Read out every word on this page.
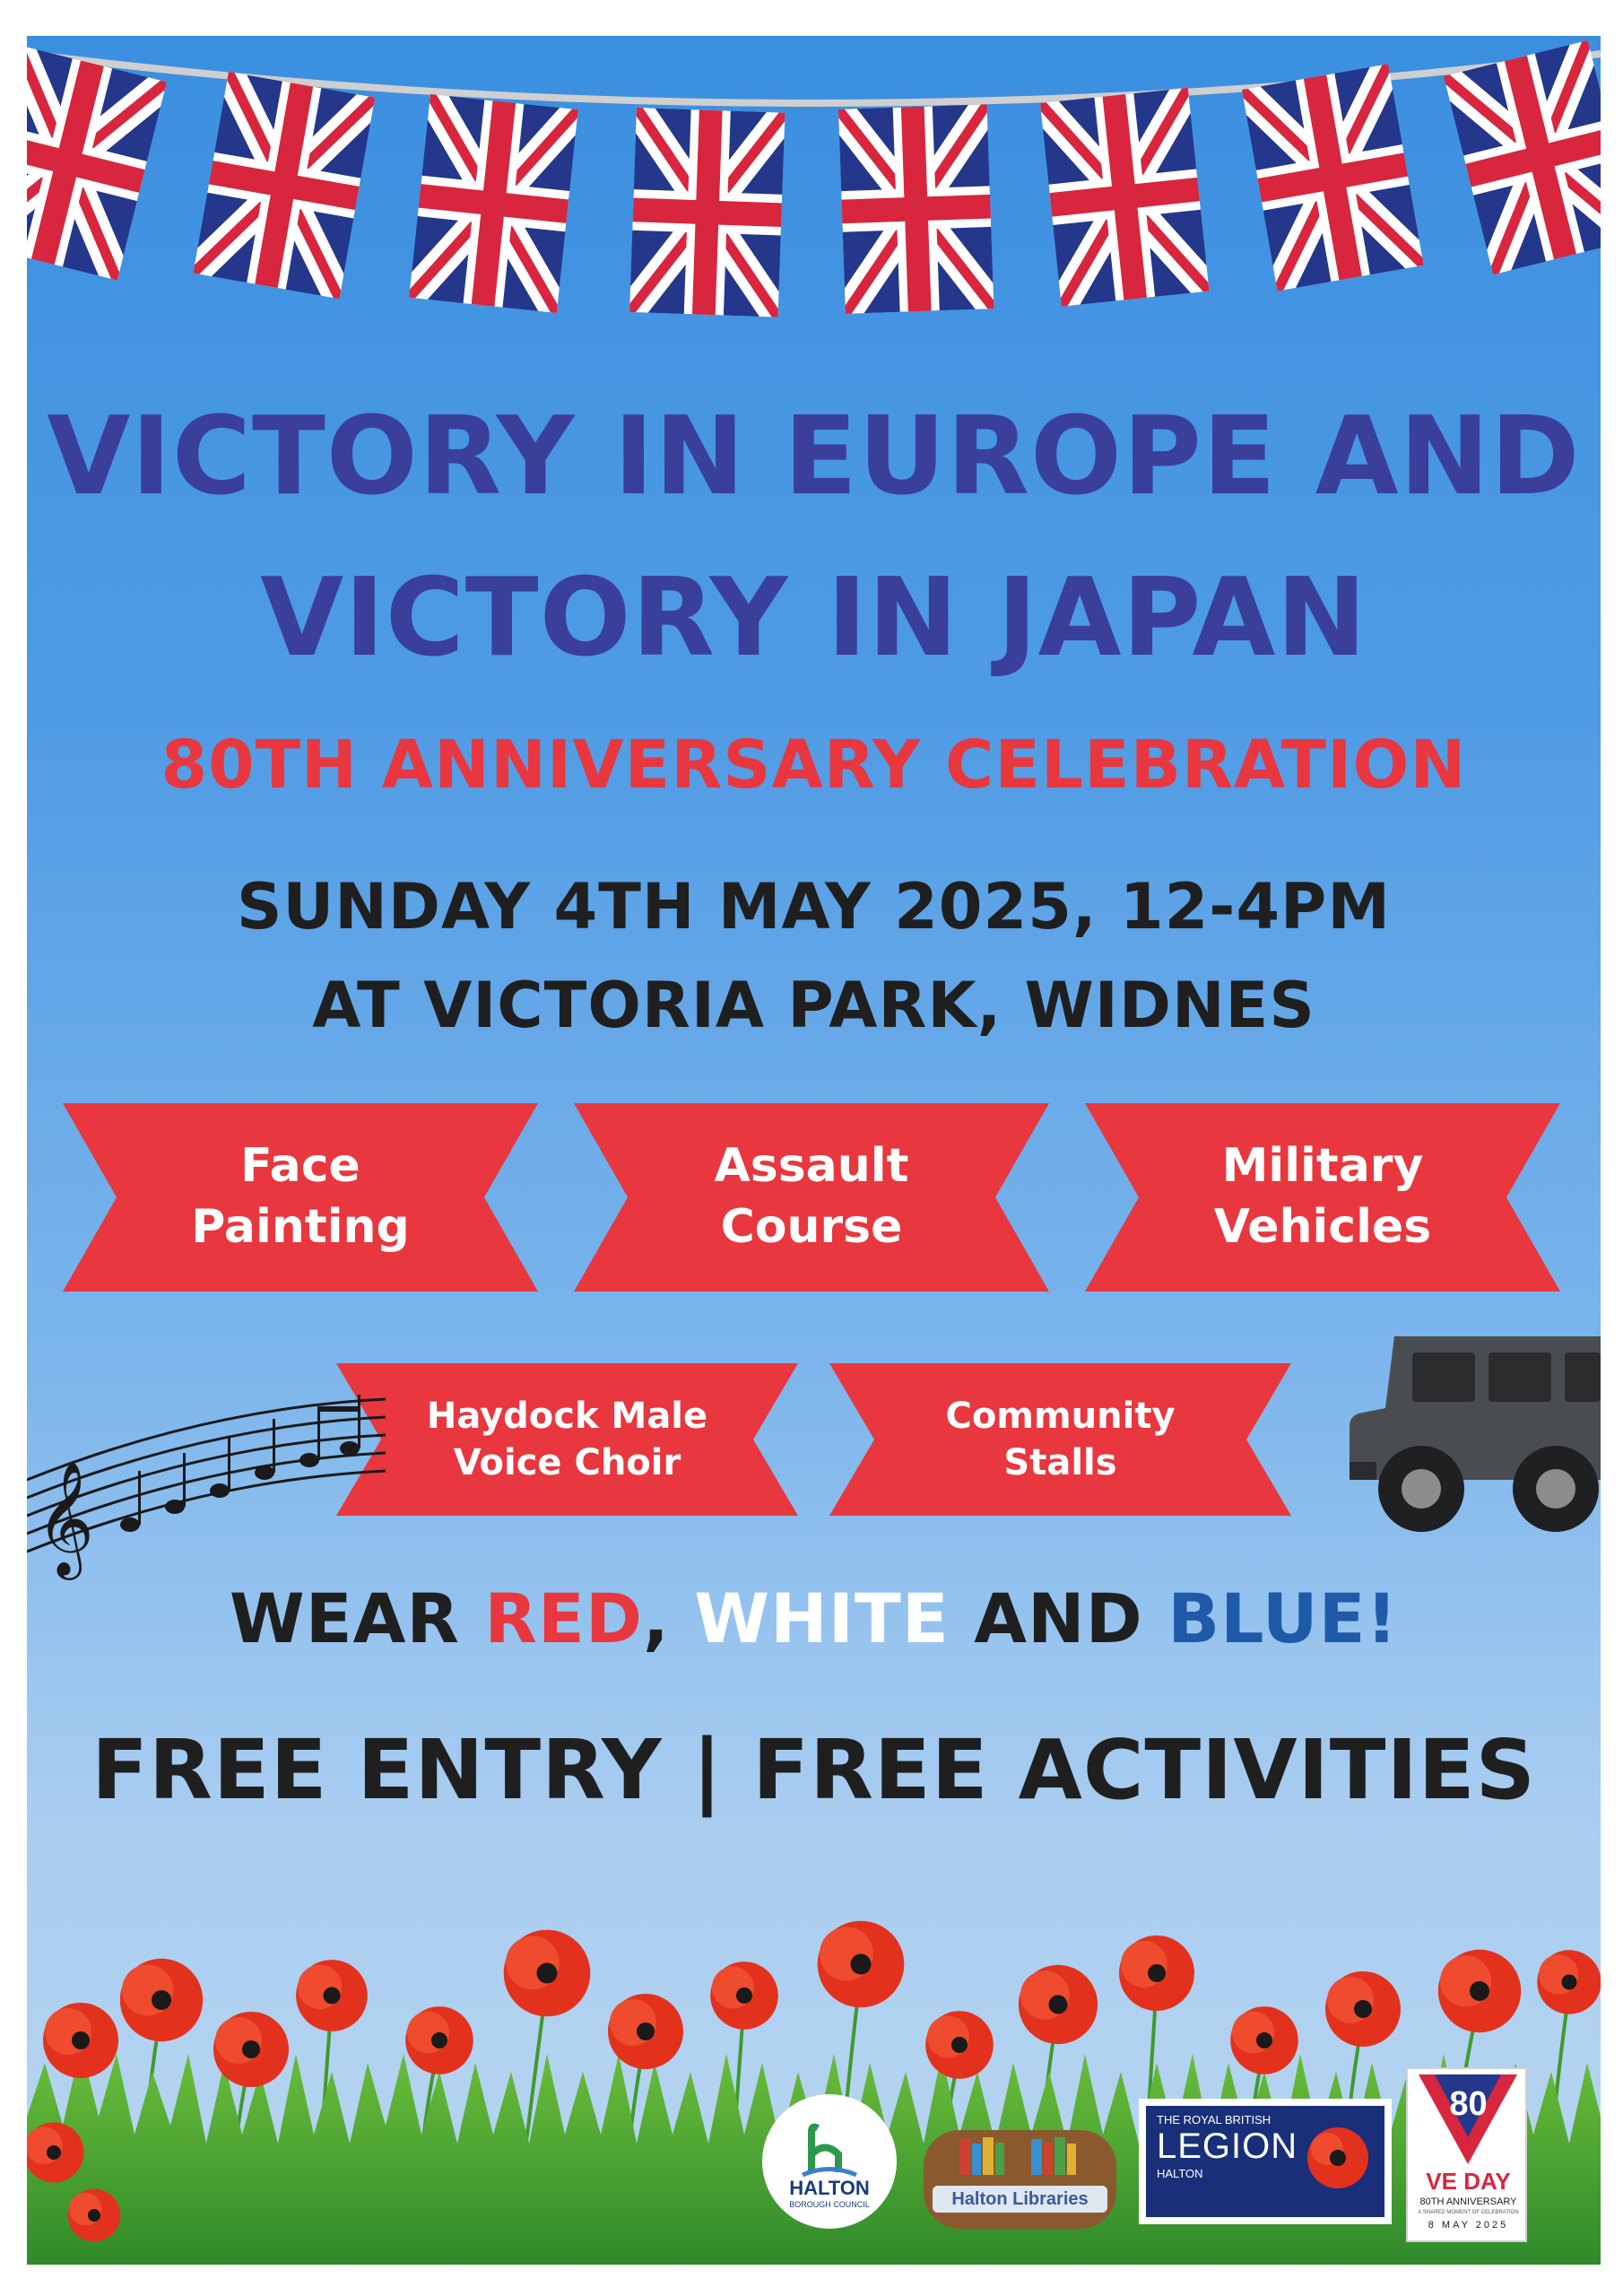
VICTORY IN EUROPE AND
VICTORY IN JAPAN
80TH ANNIVERSARY CELEBRATION
SUNDAY 4TH MAY 2025, 12-4PM
AT VICTORIA PARK, WIDNES
Face
Painting
Assault
Course
Military
Vehicles
Haydock Male
Voice Choir
Community
Stalls
𝄞
WEAR RED, WHITE AND BLUE!
FREE ENTRY | FREE ACTIVITIES
HALTON
BOROUGH COUNCIL	Halton Libraries
THE ROYAL BRITISH
LEGION
HALTON
80
VE DAY
80TH ANNIVERSARY
A SHARED MOMENT OF CELEBRATION
8 MAY 2025
